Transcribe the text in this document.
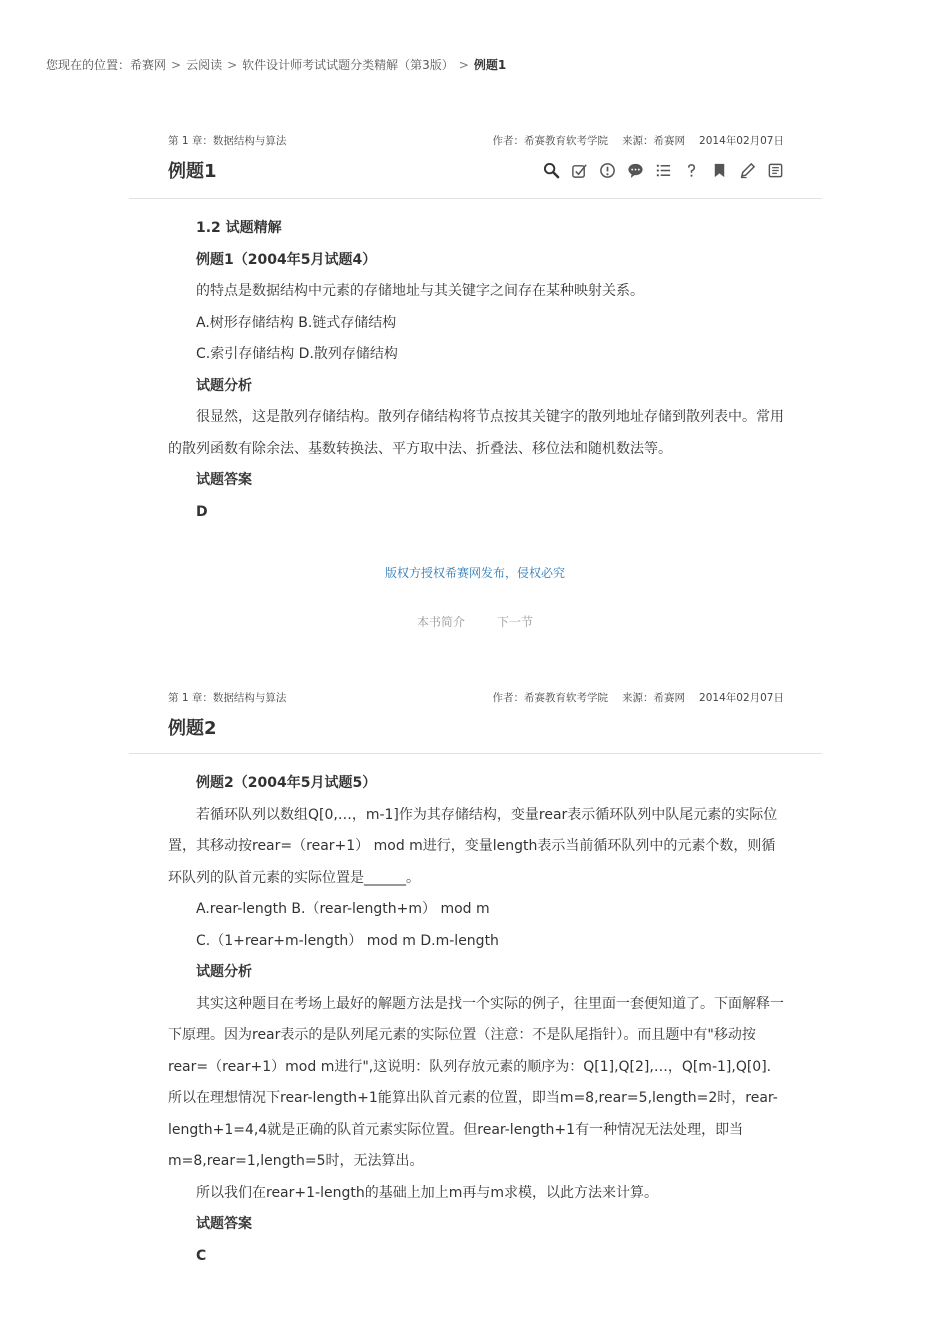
您现在的位置：希赛网 > 云阅读 > 软件设计师考试试题分类精解（第3版） > 例题1
第 1 章：数据结构与算法	作者：希赛教育软考学院 来源：希赛网 2014年02月07日
例题1

1.2 试题精解

例题1（2004年5月试题4）

的特点是数据结构中元素的存储地址与其关键字之间存在某种映射关系。

A.树形存储结构 B.链式存储结构

C.索引存储结构 D.散列存储结构

试题分析

很显然，这是散列存储结构。散列存储结构将节点按其关键字的散列地址存储到散列表中。常用的散列函数有除余法、基数转换法、平方取中法、折叠法、移位法和随机数法等。

试题答案

D

版权方授权希赛网发布，侵权必究
本书简介	下一节
第 1 章：数据结构与算法	作者：希赛教育软考学院 来源：希赛网 2014年02月07日
例题2

例题2（2004年5月试题5）

若循环队列以数组Q[0,…，m-1]作为其存储结构，变量rear表示循环队列中队尾元素的实际位置，其移动按rear=（rear+1） mod m进行，变量length表示当前循环队列中的元素个数，则循环队列的队首元素的实际位置是______。

A.rear-length B.（rear-length+m） mod m

C.（1+rear+m-length） mod m D.m-length

试题分析

其实这种题目在考场上最好的解题方法是找一个实际的例子，往里面一套便知道了。下面解释一下原理。因为rear表示的是队列尾元素的实际位置（注意：不是队尾指针）。而且题中有"移动按rear=（rear+1）mod m进行",这说明：队列存放元素的顺序为：Q[1],Q[2],…，Q[m-1],Q[0].所以在理想情况下rear-length+1能算出队首元素的位置，即当m=8,rear=5,length=2时，rear-length+1=4,4就是正确的队首元素实际位置。但rear-length+1有一种情况无法处理，即当m=8,rear=1,length=5时，无法算出。

所以我们在rear+1-length的基础上加上m再与m求模，以此方法来计算。

试题答案

C
